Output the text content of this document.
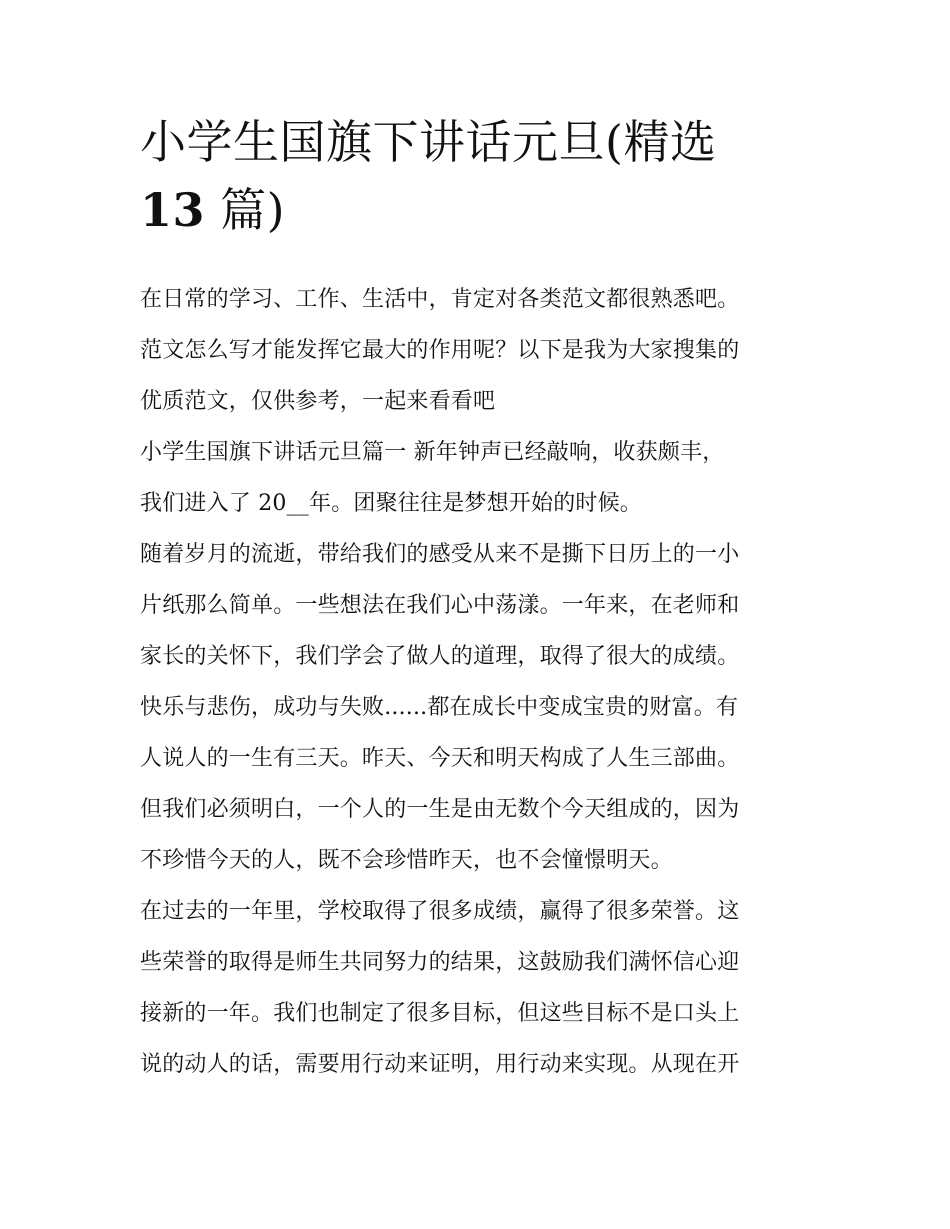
小学生国旗下讲话元旦(精选
13 篇)
在日常的学习、工作、生活中，肯定对各类范文都很熟悉吧。
范文怎么写才能发挥它最大的作用呢？以下是我为大家搜集的
优质范文，仅供参考，一起来看看吧
小学生国旗下讲话元旦篇一 新年钟声已经敲响，收获颇丰，
我们进入了 20__年。团聚往往是梦想开始的时候。
随着岁月的流逝，带给我们的感受从来不是撕下日历上的一小
片纸那么简单。一些想法在我们心中荡漾。一年来，在老师和
家长的关怀下，我们学会了做人的道理，取得了很大的成绩。
快乐与悲伤，成功与失败......都在成长中变成宝贵的财富。有
人说人的一生有三天。昨天、今天和明天构成了人生三部曲。
但我们必须明白，一个人的一生是由无数个今天组成的，因为
不珍惜今天的人，既不会珍惜昨天，也不会憧憬明天。
在过去的一年里，学校取得了很多成绩，赢得了很多荣誉。这
些荣誉的取得是师生共同努力的结果，这鼓励我们满怀信心迎
接新的一年。我们也制定了很多目标，但这些目标不是口头上
说的动人的话，需要用行动来证明，用行动来实现。从现在开
